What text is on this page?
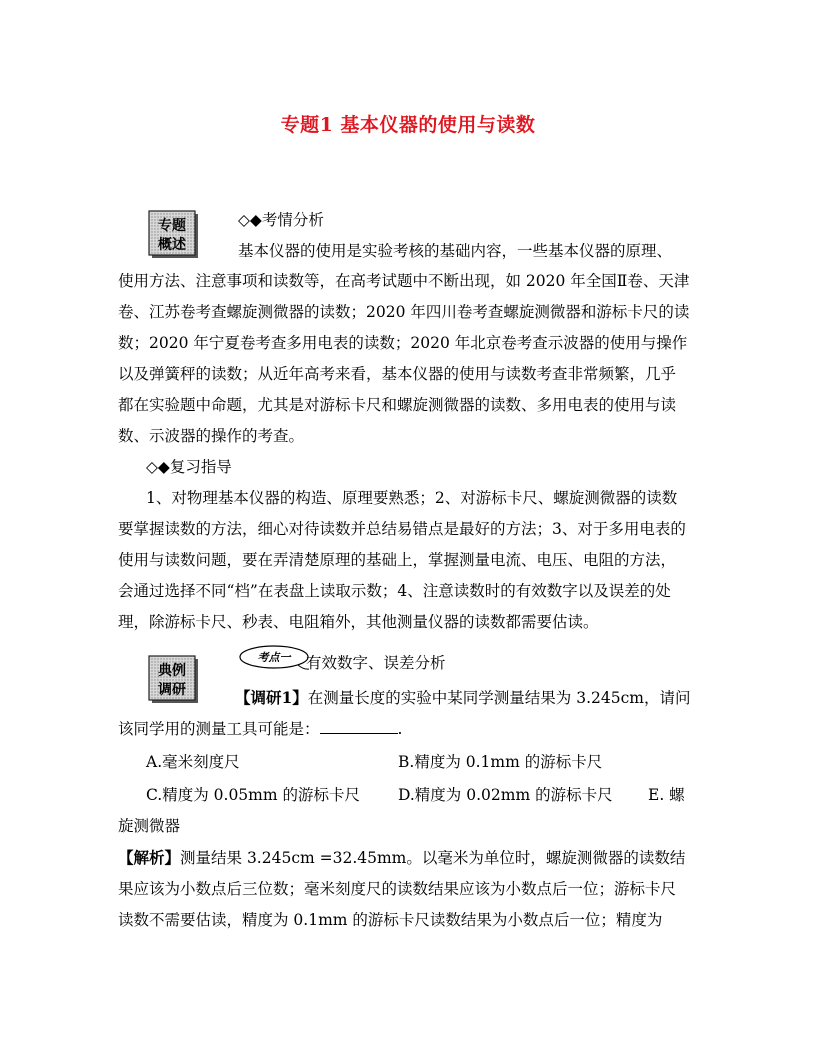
专题1 基本仪器的使用与读数
专题
概述
◇◆考情分析
基本仪器的使用是实验考核的基础内容，一些基本仪器的原理、
使用方法、注意事项和读数等，在高考试题中不断出现，如 2020 年全国Ⅱ卷、天津
卷、江苏卷考查螺旋测微器的读数；2020 年四川卷考查螺旋测微器和游标卡尺的读
数；2020 年宁夏卷考查多用电表的读数；2020 年北京卷考查示波器的使用与操作
以及弹簧秤的读数；从近年高考来看，基本仪器的使用与读数考查非常频繁，几乎
都在实验题中命题，尤其是对游标卡尺和螺旋测微器的读数、多用电表的使用与读
数、示波器的操作的考查。
◇◆复习指导
1、对物理基本仪器的构造、原理要熟悉；2、对游标卡尺、螺旋测微器的读数
要掌握读数的方法，细心对待读数并总结易错点是最好的方法；3、对于多用电表的
使用与读数问题，要在弄清楚原理的基础上，掌握测量电流、电压、电阻的方法，
会通过选择不同“档”在表盘上读取示数；4、注意读数时的有效数字以及误差的处
理，除游标卡尺、秒表、电阻箱外，其他测量仪器的读数都需要估读。
典例
调研
考点一 有效数字、误差分析
【调研1】在测量长度的实验中某同学测量结果为 3.245cm，请问
该同学用的测量工具可能是：	.
A.毫米刻度尺	B.精度为 0.1mm 的游标卡尺
C.精度为 0.05mm 的游标卡尺 D.精度为 0.02mm 的游标卡尺 E. 螺
旋测微器
【解析】测量结果 3.245cm =32.45mm。以毫米为单位时，螺旋测微器的读数结
果应该为小数点后三位数；毫米刻度尺的读数结果应该为小数点后一位；游标卡尺
读数不需要估读，精度为 0.1mm 的游标卡尺读数结果为小数点后一位；精度为
